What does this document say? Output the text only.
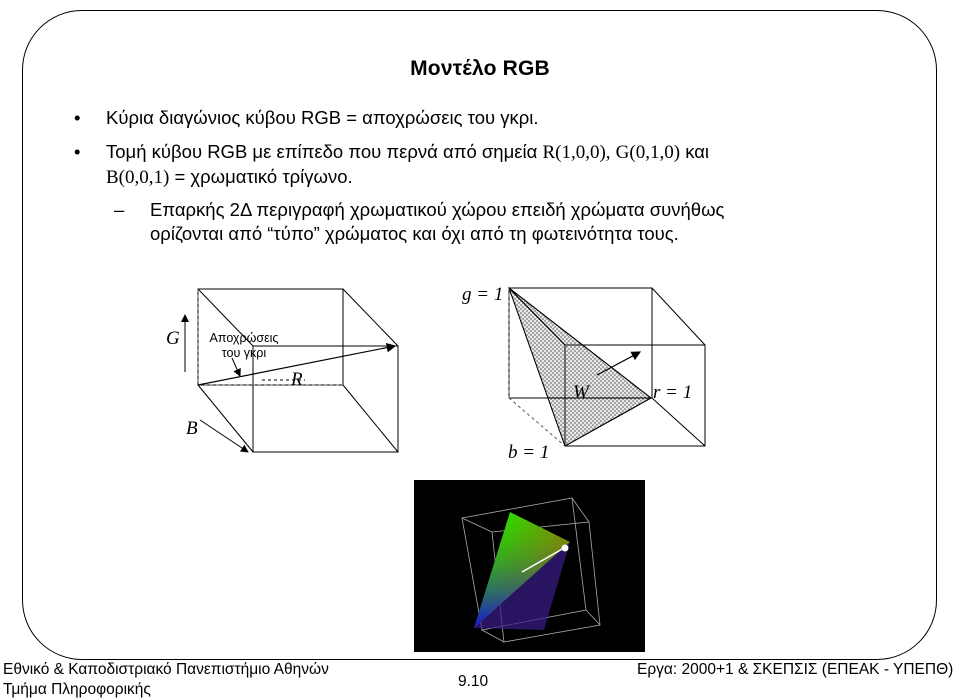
Μοντέλο RGB
• Κύρια διαγώνιος κύβου RGB = αποχρώσεις του γκρι.
• Τομή κύβου RGB με επίπεδο που περνά από σημεία R(1,0,0), G(0,1,0) και
B(0,0,1) = χρωματικό τρίγωνο.
– Επαρκής 2Δ περιγραφή χρωματικού χώρου επειδή χρώματα συνήθως
ορίζονται από “τύπο” χρώματος και όχι από τη φωτεινότητα τους.
G
B
R
Αποχρώσεις
του γκρι
g = 1
b = 1
r = 1
W
Εθνικό & Καποδιστριακό Πανεπιστήμιο Αθηνών
Τμήμα Πληροφορικής	9.10
Εργα: 2000+1 & ΣΚΕΠΣΙΣ (ΕΠΕΑΚ - ΥΠΕΠΘ)
